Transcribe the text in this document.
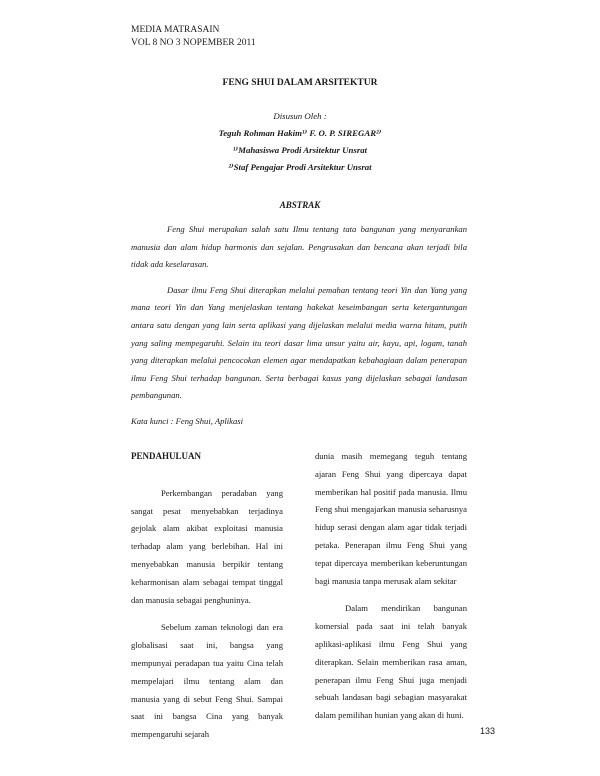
MEDIA MATRASAIN
VOL 8 NO 3 NOPEMBER 2011
FENG SHUI DALAM ARSITEKTUR
Disusun Oleh :
Teguh Rohman Hakim¹⁾ F. O. P. SIREGAR²⁾
¹⁾Mahasiswa Prodi Arsitektur Unsrat
²⁾Staf Pengajar Prodi Arsitektur Unsrat
ABSTRAK

Feng Shui merupakan salah satu Ilmu tentang tata bangunan yang menyarankan manusia dan alam hidup harmonis dan sejalan. Pengrusakan dan bencana akan terjadi bila tidak ada keselarasan.

Dasar ilmu Feng Shui diterapkan melalui pemahan tentang teori Yin dan Yang yang mana teori Yin dan Yang menjelaskan tentang hakekat keseimbangan serta ketergantungan antara satu dengan yang lain serta aplikasi yang dijelaskan melalui media warna hitam, putih yang saling mempegaruhi. Selain itu teori dasar lima unsur yaitu air, kayu, api, logam, tanah yang diterapkan melalui pencocokan elemen agar mendapatkan kebahagiaan dalam penerapan ilmu Feng Shui terhadap bangunan. Serta berbagai kasus yang dijelaskan sebagai landasan pembangunan.

Kata kunci : Feng Shui, Aplikasi

PENDAHULUAN

Perkembangan peradaban yang sangat pesat menyebabkan terjadinya gejolak alam akibat exploitasi manusia terhadap alam yang berlebihan. Hal ini menyebabkan manusia berpikir tentang keharmonisan alam sebagai tempat tinggal dan manusia sebagai penghuninya.

Sebelum zaman teknologi dan era globalisasi saat ini, bangsa yang mempunyai peradapan tua yaitu Cina telah mempelajari ilmu tentang alam dan manusia yang di sebut Feng Shui. Sampai saat ini bangsa Cina yang banyak mempengaruhi sejarah

dunia masih memegang teguh tentang ajaran Feng Shui yang dipercaya dapat memberikan hal positif pada manusia. Ilmu Feng shui mengajarkan manusia seharusnya hidup serasi dengan alam agar tidak terjadi petaka. Penerapan ilmu Feng Shui yang tepat dipercaya memberikan keberuntungan bagi manusia tanpa merusak alam sekitar

Dalam mendirikan bangunan komersial pada saat ini telah banyak aplikasi-aplikasi ilmu Feng Shui yang diterapkan. Selain memberikan rasa aman, penerapan ilmu Feng Shui juga menjadi sebuah landasan bagi sebagian masyarakat dalam pemilihan hunian yang akan di huni.

133
